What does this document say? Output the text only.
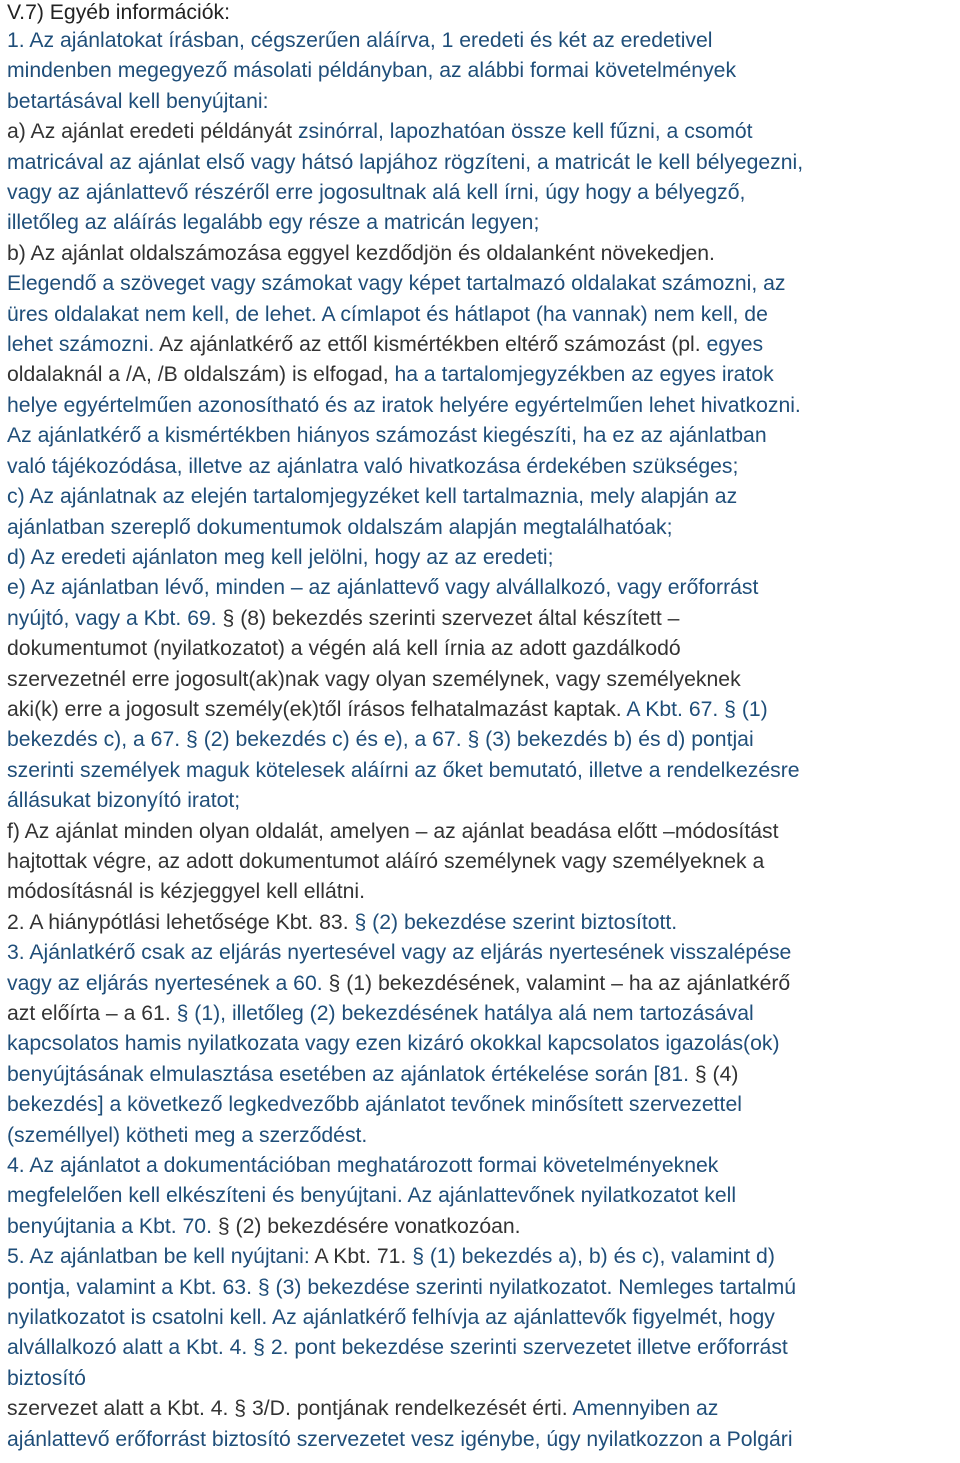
V.7) Egyéb információk:
1. Az ajánlatokat írásban, cégszerűen aláírva, 1 eredeti és két az eredetivel
mindenben megegyező másolati példányban, az alábbi formai követelmények
betartásával kell benyújtani:
a) Az ajánlat eredeti példányát zsinórral, lapozhatóan össze kell fűzni, a csomót
matricával az ajánlat első vagy hátsó lapjához rögzíteni, a matricát le kell bélyegezni,
vagy az ajánlattevő részéről erre jogosultnak alá kell írni, úgy hogy a bélyegző,
illetőleg az aláírás legalább egy része a matricán legyen;
b) Az ajánlat oldalszámozása eggyel kezdődjön és oldalanként növekedjen.
Elegendő a szöveget vagy számokat vagy képet tartalmazó oldalakat számozni, az
üres oldalakat nem kell, de lehet. A címlapot és hátlapot (ha vannak) nem kell, de
lehet számozni. Az ajánlatkérő az ettől kismértékben eltérő számozást (pl. egyes
oldalaknál a /A, /B oldalszám) is elfogad, ha a tartalomjegyzékben az egyes iratok
helye egyértelműen azonosítható és az iratok helyére egyértelműen lehet hivatkozni.
Az ajánlatkérő a kismértékben hiányos számozást kiegészíti, ha ez az ajánlatban
való tájékozódása, illetve az ajánlatra való hivatkozása érdekében szükséges;
c) Az ajánlatnak az elején tartalomjegyzéket kell tartalmaznia, mely alapján az
ajánlatban szereplő dokumentumok oldalszám alapján megtalálhatóak;
d) Az eredeti ajánlaton meg kell jelölni, hogy az az eredeti;
e) Az ajánlatban lévő, minden – az ajánlattevő vagy alvállalkozó, vagy erőforrást
nyújtó, vagy a Kbt. 69. § (8) bekezdés szerinti szervezet által készített –
dokumentumot (nyilatkozatot) a végén alá kell írnia az adott gazdálkodó
szervezetnél erre jogosult(ak)nak vagy olyan személynek, vagy személyeknek
aki(k) erre a jogosult személy(ek)től írásos felhatalmazást kaptak. A Kbt. 67. § (1)
bekezdés c), a 67. § (2) bekezdés c) és e), a 67. § (3) bekezdés b) és d) pontjai
szerinti személyek maguk kötelesek aláírni az őket bemutató, illetve a rendelkezésre
állásukat bizonyító iratot;
f) Az ajánlat minden olyan oldalát, amelyen – az ajánlat beadása előtt –módosítást
hajtottak végre, az adott dokumentumot aláíró személynek vagy személyeknek a
módosításnál is kézjeggyel kell ellátni.
2. A hiánypótlási lehetősége Kbt. 83. § (2) bekezdése szerint biztosított.
3. Ajánlatkérő csak az eljárás nyertesével vagy az eljárás nyertesének visszalépése
vagy az eljárás nyertesének a 60. § (1) bekezdésének, valamint – ha az ajánlatkérő
azt előírta – a 61. § (1), illetőleg (2) bekezdésének hatálya alá nem tartozásával
kapcsolatos hamis nyilatkozata vagy ezen kizáró okokkal kapcsolatos igazolás(ok)
benyújtásának elmulasztása esetében az ajánlatok értékelése során [81. § (4)
bekezdés] a következő legkedvezőbb ajánlatot tevőnek minősített szervezettel
(személlyel) kötheti meg a szerződést.
4. Az ajánlatot a dokumentációban meghatározott formai követelményeknek
megfelelően kell elkészíteni és benyújtani. Az ajánlattevőnek nyilatkozatot kell
benyújtania a Kbt. 70. § (2) bekezdésére vonatkozóan.
5. Az ajánlatban be kell nyújtani: A Kbt. 71. § (1) bekezdés a), b) és c), valamint d)
pontja, valamint a Kbt. 63. § (3) bekezdése szerinti nyilatkozatot. Nemleges tartalmú
nyilatkozatot is csatolni kell. Az ajánlatkérő felhívja az ajánlattevők figyelmét, hogy
alvállalkozó alatt a Kbt. 4. § 2. pont bekezdése szerinti szervezetet illetve erőforrást
biztosító
szervezet alatt a Kbt. 4. § 3/D. pontjának rendelkezését érti. Amennyiben az
ajánlattevő erőforrást biztosító szervezetet vesz igénybe, úgy nyilatkozzon a Polgári
